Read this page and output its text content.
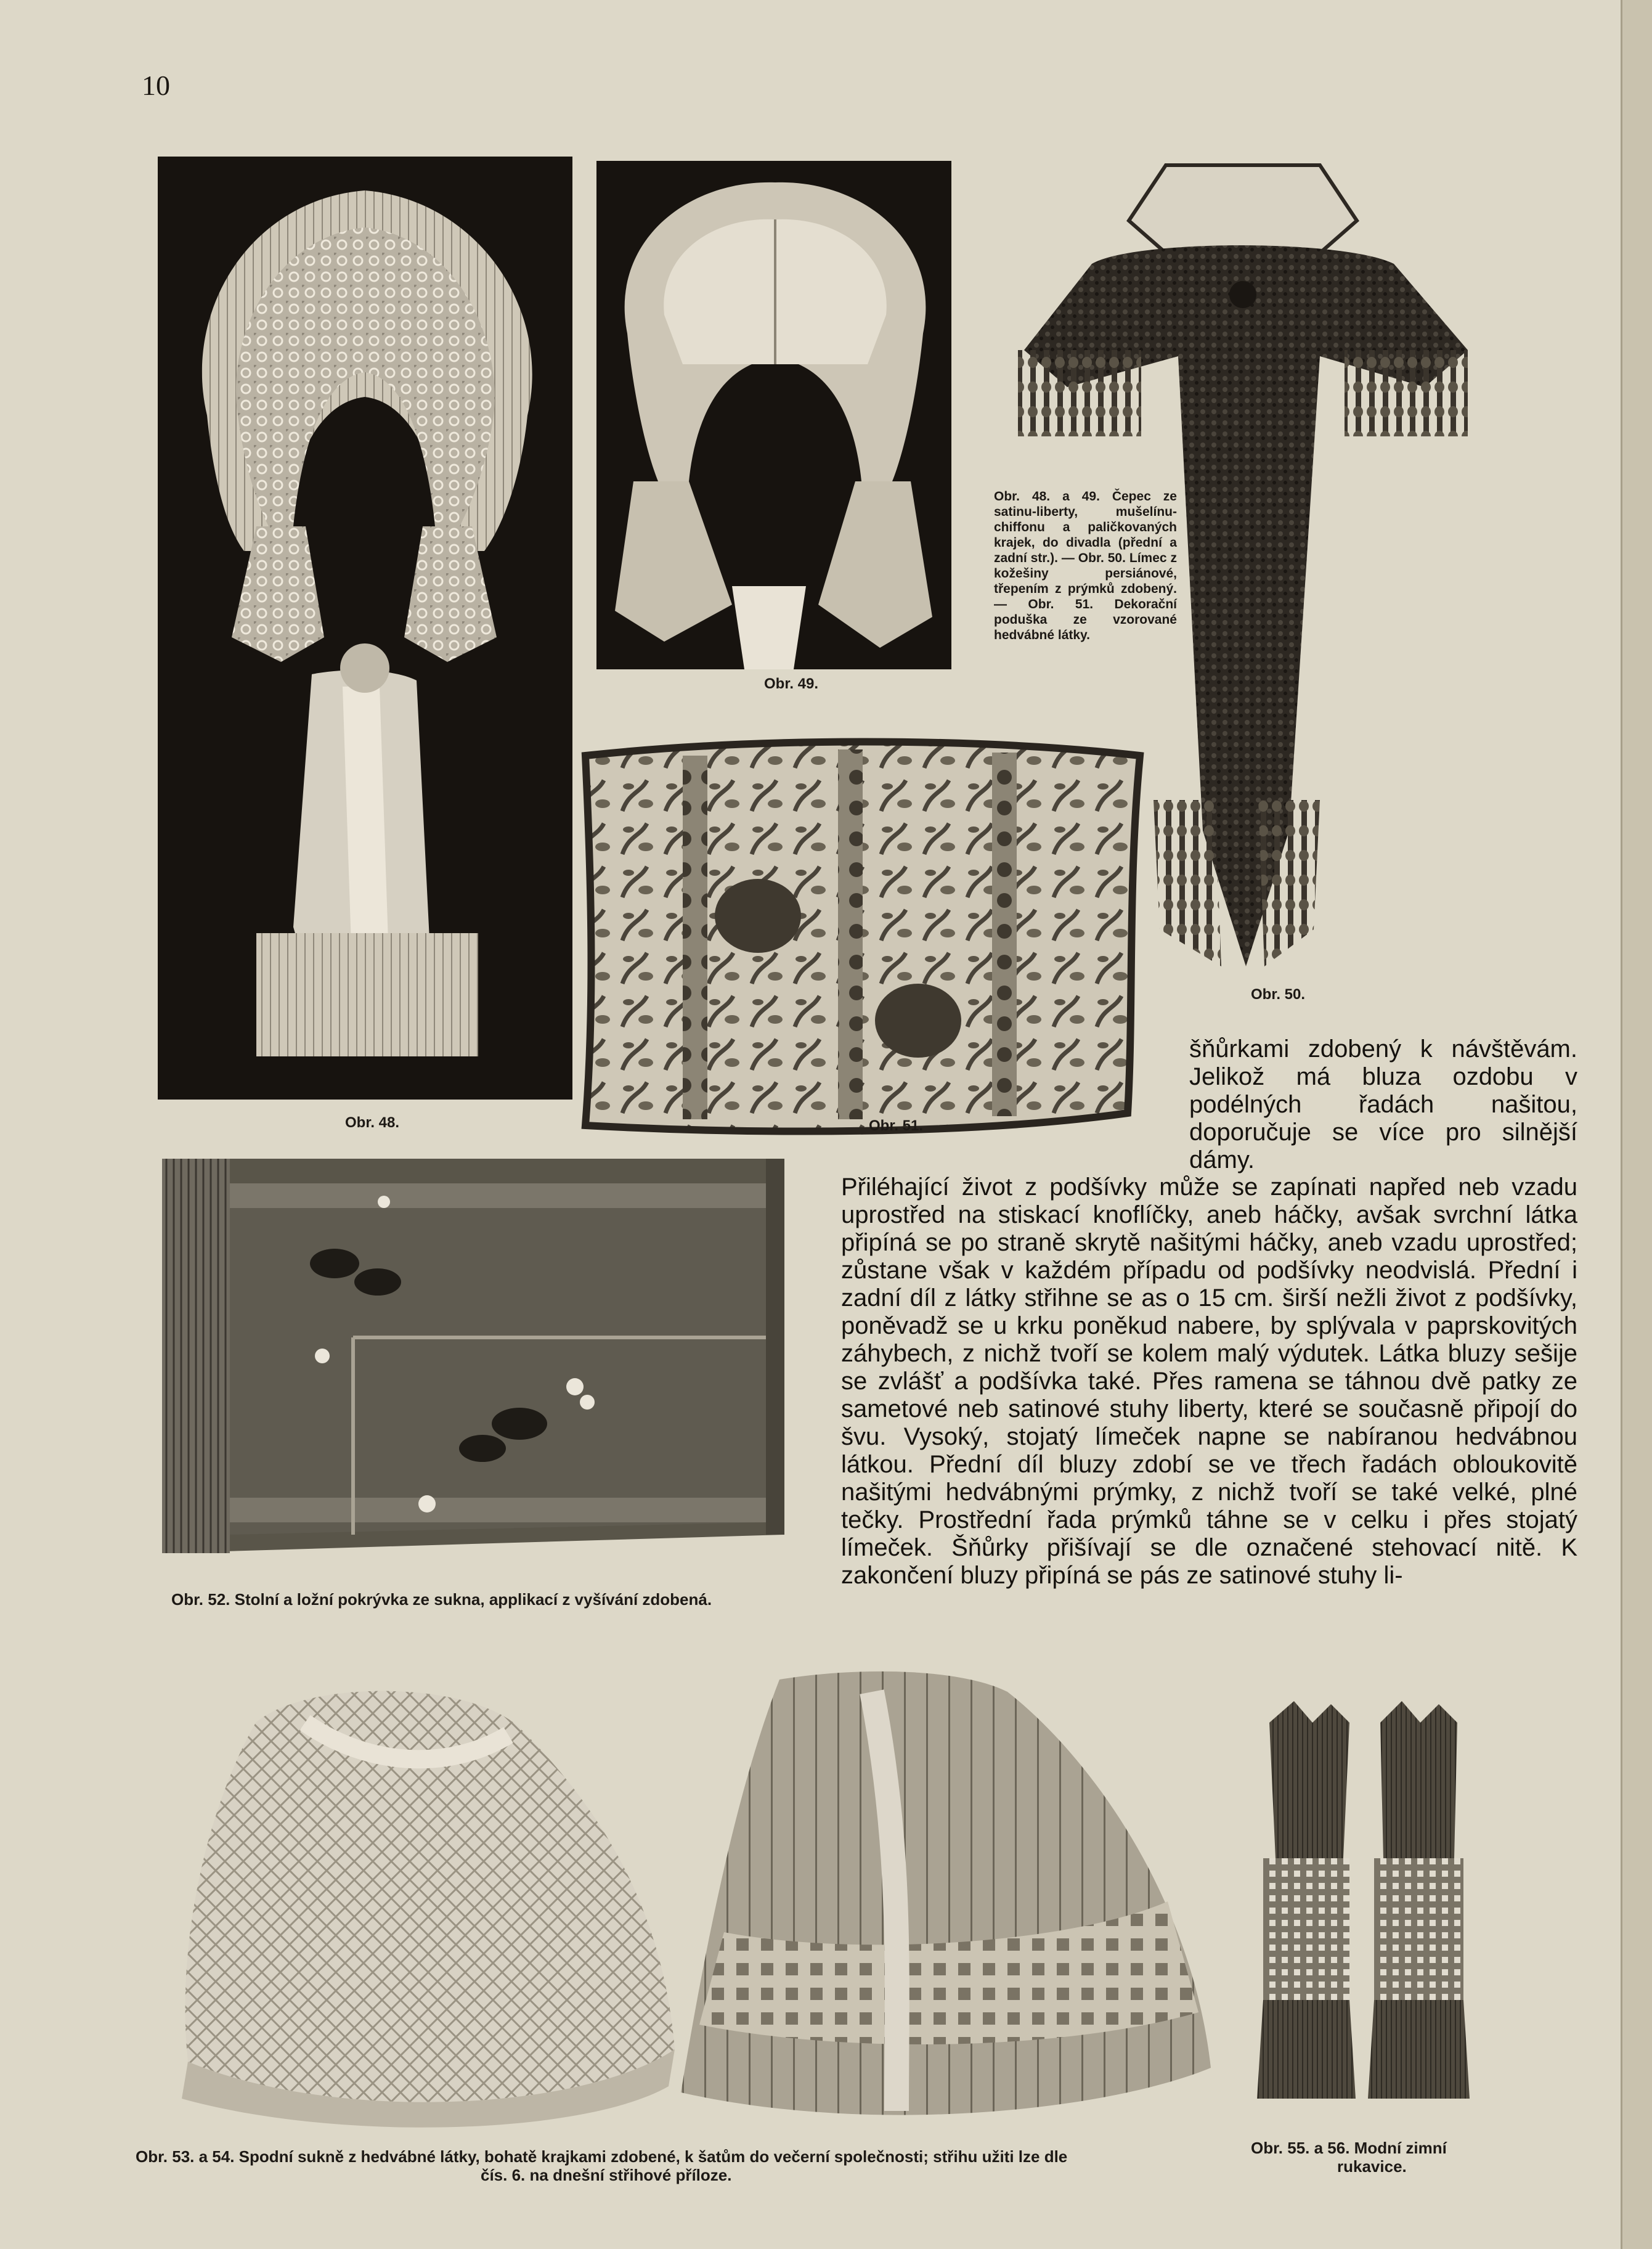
10
Obr. 48.
Obr. 49.
Obr. 48. a 49. Čepec ze satinu-liberty, mušelínu-chiffonu a paličkovaných krajek, do divadla (přední a zadní str.). — Obr. 50. Límec z kožešiny persiánové, třepením z prýmků zdobený. — Obr. 51. Dekorační poduška ze vzorované hedvábné látky.
Obr. 50.
Obr. 51.
šňůrkami zdobený k návštěvám. Jelikož má bluza ozdobu v podélných řadách našitou, doporučuje se více pro silnější dámy.
Obr. 52. Stolní a ložní pokrývka ze sukna, applikací z vyšívání zdobená.
Přiléhající život z podšívky může se zapínati napřed neb vzadu uprostřed na stiskací knoflíčky, aneb háčky, avšak svrchní látka připíná se po straně skrytě našitými háčky, aneb vzadu uprostřed; zůstane však v každém případu od podšívky neodvislá. Přední i zadní díl z látky střihne se as o 15 cm. širší nežli život z podšívky, poněvadž se u krku poněkud nabere, by splývala v paprskovitých záhybech, z nichž tvoří se kolem malý výdutek. Látka bluzy sešije se zvlášť a podšívka také. Přes ramena se táhnou dvě patky ze sametové neb satinové stuhy liberty, které se současně připojí do švu. Vysoký, stojatý límeček napne se nabíranou hedvábnou látkou. Přední díl bluzy zdobí se ve třech řadách obloukovitě našitými hedvábnými prýmky, z nichž tvoří se také velké, plné tečky. Prostřední řada prýmků táhne se v celku i přes stojatý límeček. Šňůrky přišívají se dle označené stehovací nitě. K zakončení bluzy připíná se pás ze satinové stuhy li-
Obr. 53. a 54. Spodní sukně z hedvábné látky, bohatě krajkami zdobené, k šatům do večerní společnosti; střihu užiti lze dle
čís. 6. na dnešní střihové příloze.
Obr. 55. a 56. Modní zimní
rukavice.
